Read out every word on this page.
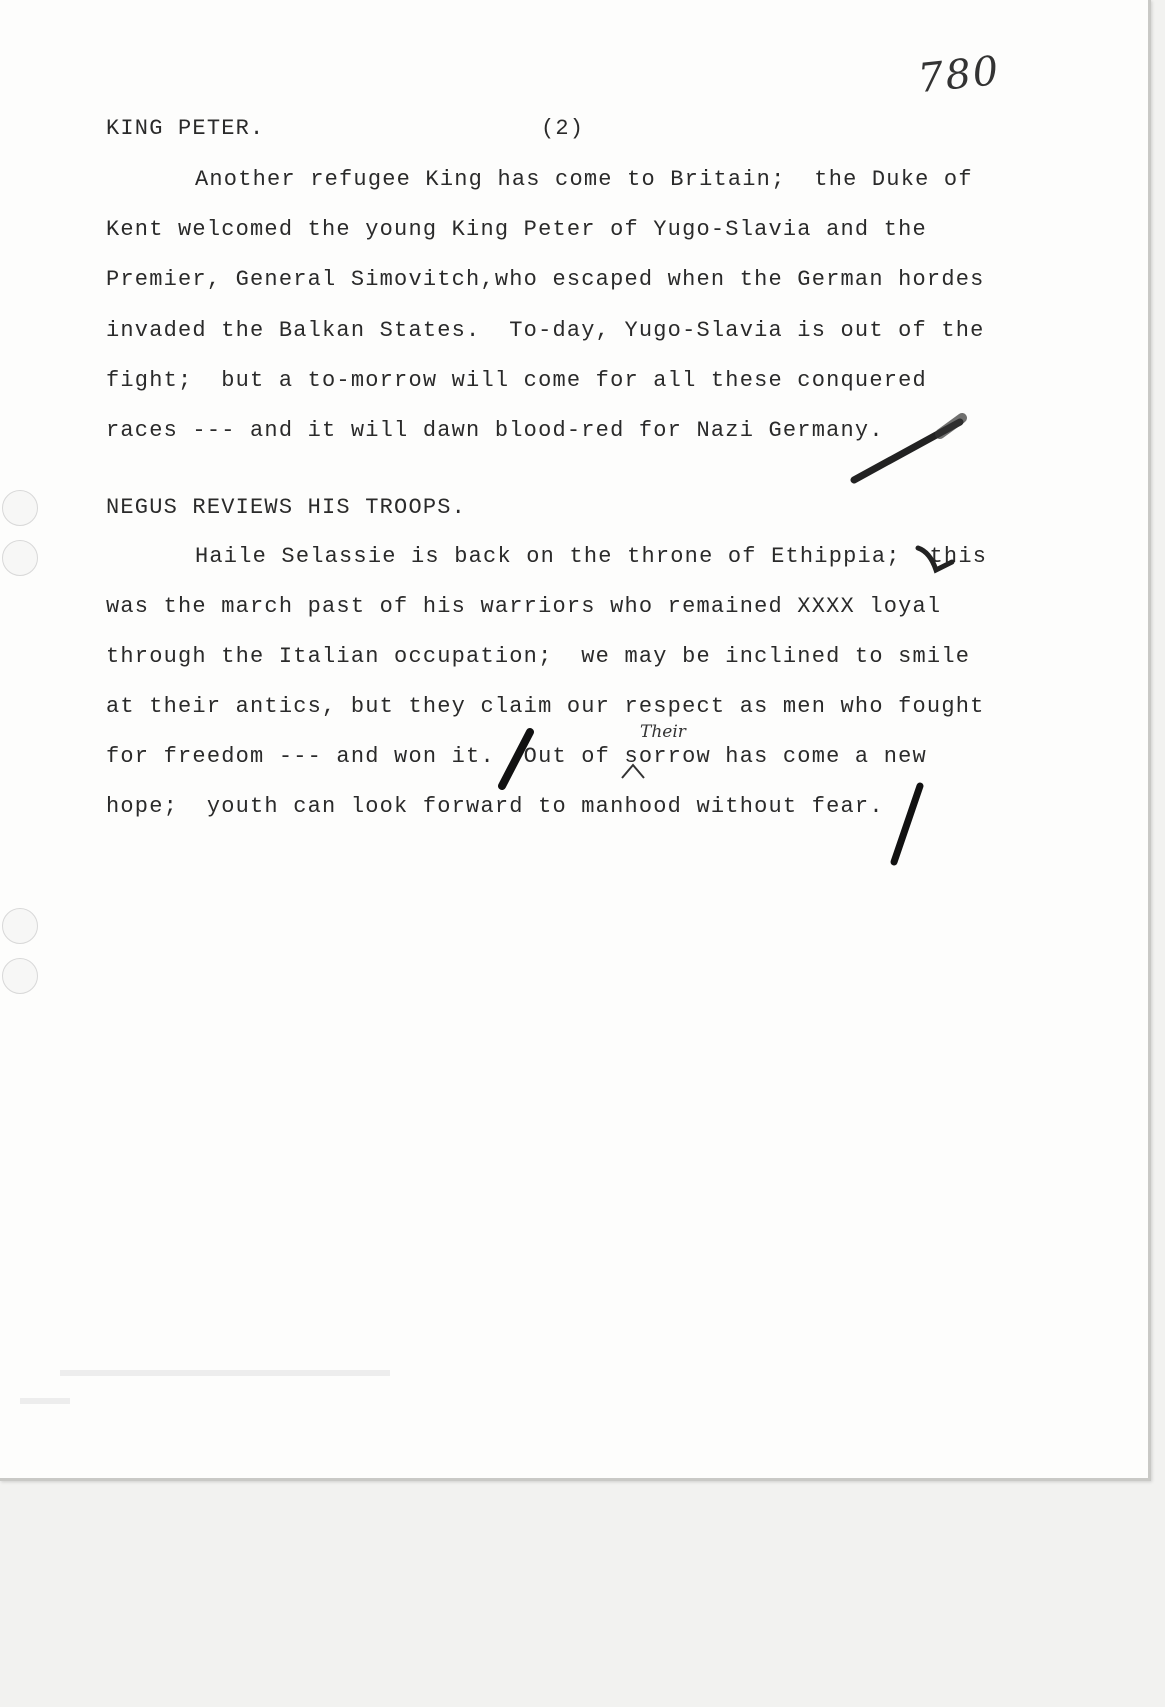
780
KING PETER.	(2)
Another refugee King has come to Britain;  the Duke of
Kent welcomed the young King Peter of Yugo-Slavia and the
Premier, General Simovitch,who escaped when the German hordes
invaded the Balkan States.  To-day, Yugo-Slavia is out of the
fight;  but a to-morrow will come for all these conquered
races --- and it will dawn blood-red for Nazi Germany.
NEGUS REVIEWS HIS TROOPS.
Haile Selassie is back on the throne of Ethippia;  this
was the march past of his warriors who remained XXXX loyal
through the Italian occupation;  we may be inclined to smile
at their antics, but they claim our respect as men who fought
for freedom --- and won it.  Out of sorrow has come a new
hope;  youth can look forward to manhood without fear.
Their
